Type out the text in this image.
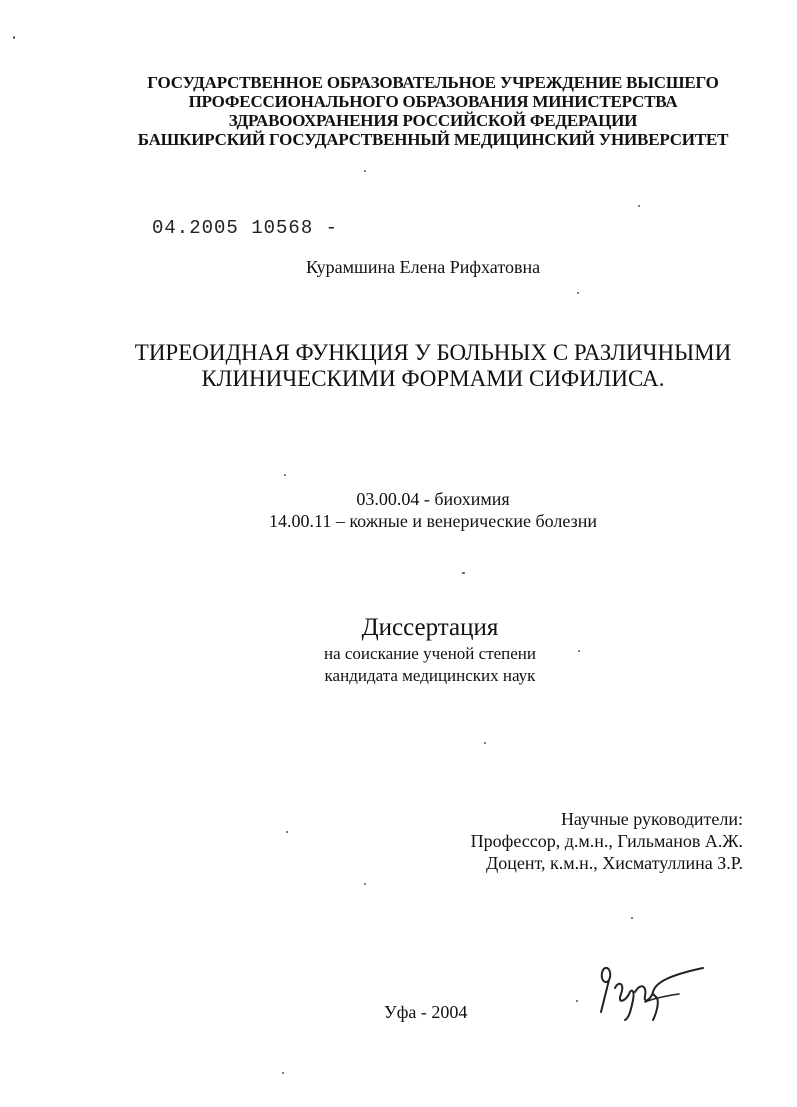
ГОСУДАРСТВЕННОЕ ОБРАЗОВАТЕЛЬНОЕ УЧРЕЖДЕНИЕ ВЫСШЕГО
ПРОФЕССИОНАЛЬНОГО ОБРАЗОВАНИЯ МИНИСТЕРСТВА
ЗДРАВООХРАНЕНИЯ РОССИЙСКОЙ ФЕДЕРАЦИИ
БАШКИРСКИЙ ГОСУДАРСТВЕННЫЙ МЕДИЦИНСКИЙ УНИВЕРСИТЕТ
04.2005 10568 -
Курамшина Елена Рифхатовна
ТИРЕОИДНАЯ ФУНКЦИЯ У БОЛЬНЫХ С РАЗЛИЧНЫМИ
КЛИНИЧЕСКИМИ ФОРМАМИ СИФИЛИСА.
03.00.04 - биохимия
14.00.11 – кожные и венерические болезни
Диссертация
на соискание ученой степени
кандидата медицинских наук
Научные руководители:
Профессор, д.м.н., Гильманов А.Ж.
Доцент, к.м.н., Хисматуллина З.Р.
Уфа - 2004
